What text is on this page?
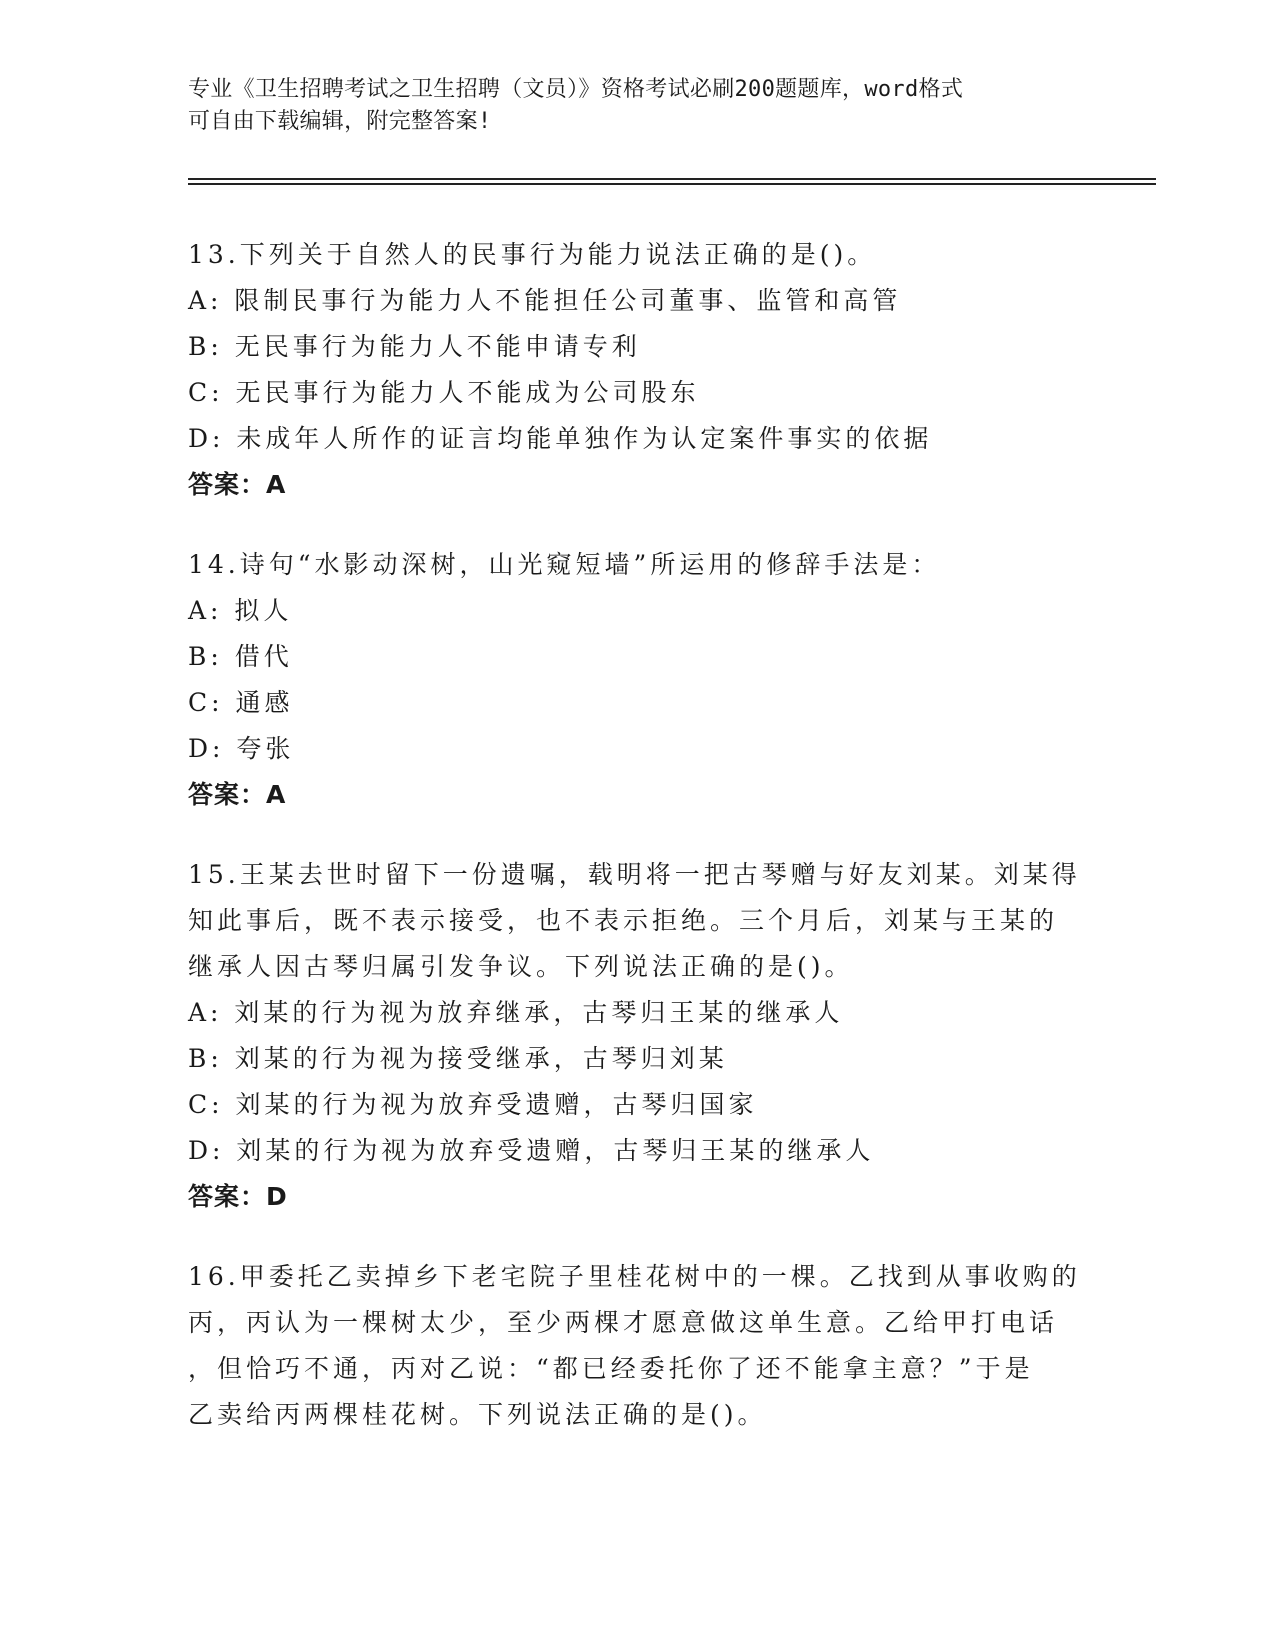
专业《卫生招聘考试之卫生招聘（文员）》资格考试必刷200题题库，word格式
可自由下载编辑，附完整答案!
13.下列关于自然人的民事行为能力说法正确的是()。
A: 限制民事行为能力人不能担任公司董事、监管和高管
B: 无民事行为能力人不能申请专利
C: 无民事行为能力人不能成为公司股东
D: 未成年人所作的证言均能单独作为认定案件事实的依据
答案：A
14.诗句“水影动深树，山光窥短墙”所运用的修辞手法是：
A: 拟人
B: 借代
C: 通感
D: 夸张
答案：A
15.王某去世时留下一份遗嘱，载明将一把古琴赠与好友刘某。刘某得
知此事后，既不表示接受，也不表示拒绝。三个月后，刘某与王某的
继承人因古琴归属引发争议。下列说法正确的是()。
A: 刘某的行为视为放弃继承，古琴归王某的继承人
B: 刘某的行为视为接受继承，古琴归刘某
C: 刘某的行为视为放弃受遗赠，古琴归国家
D: 刘某的行为视为放弃受遗赠，古琴归王某的继承人
答案：D
16.甲委托乙卖掉乡下老宅院子里桂花树中的一棵。乙找到从事收购的
丙，丙认为一棵树太少，至少两棵才愿意做这单生意。乙给甲打电话
，但恰巧不通，丙对乙说：“都已经委托你了还不能拿主意？”于是
乙卖给丙两棵桂花树。下列说法正确的是()。
